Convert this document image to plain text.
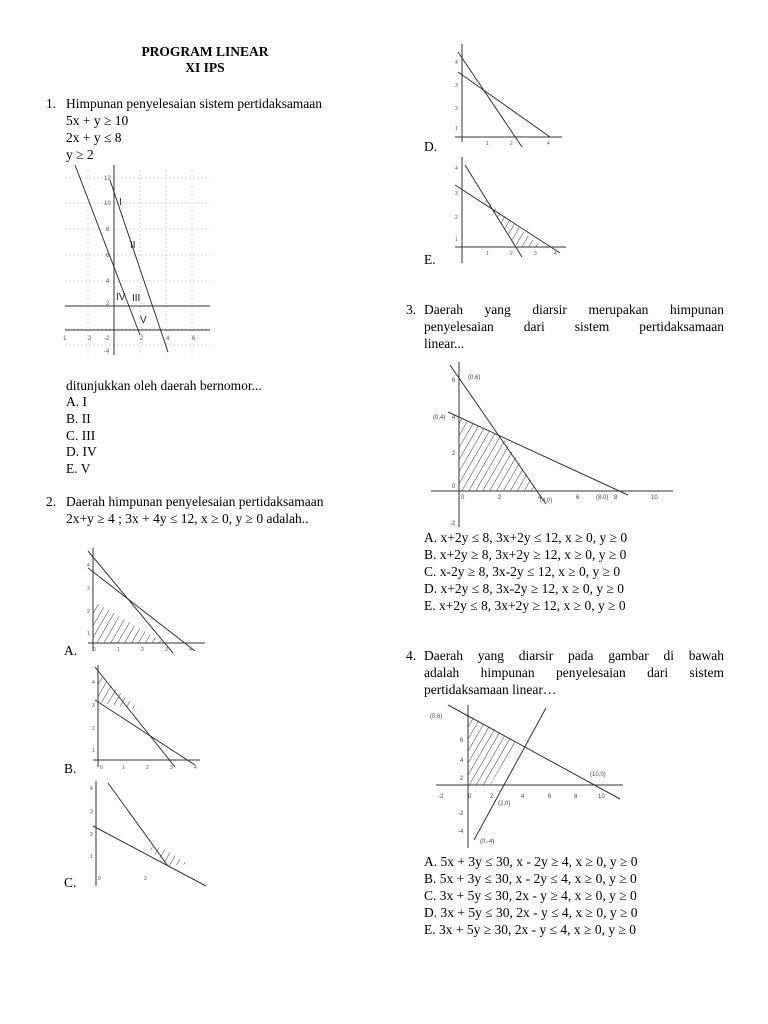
PROGRAM LINEAR
XI IPS
1. Himpunan penyelesaian sistem pertidaksamaan
5x + y ≥ 10
2x + y ≤ 8
y ≥ 2
12
10
8
6
4
2
-2
-4
1	2	2	4	6
I
II
III
IV
V
ditunjukkan oleh daerah bernomor...
A. I
B. II
C. III
D. IV
E. V
2. Daerah himpunan penyelesaian pertidaksamaan
2x+y ≥ 4 ; 3x + 4y ≤ 12, x ≥ 0, y ≥ 0 adalah..
4
3
2
1
0	1	2	3	4
A.
4
3
2
1
0	1	2	3	4
B.
4
3
2
1
0	2
C.
4
3
2
1
1	2	4
D.
4
3
2
1
1	2	3	4
E.
3. Daerah yang diarsir merupakan himpunan
penyelesaian dari sistem pertidaksamaan
linear...
6
4
2
0
-2
0	2	4	6	8	10
(0,6)
(0,4)
(4,0)	(8,0)
A. x+2y ≤ 8, 3x+2y ≤ 12, x ≥ 0, y ≥ 0
B. x+2y ≥ 8, 3x+2y ≥ 12, x ≥ 0, y ≥ 0
C. x-2y ≥ 8, 3x-2y ≤ 12, x ≥ 0, y ≥ 0
D. x+2y ≤ 8, 3x-2y ≥ 12, x ≥ 0, y ≥ 0
E. x+2y ≤ 8, 3x+2y ≥ 12, x ≥ 0, y ≥ 0
4. Daerah yang diarsir pada gambar di bawah
adalah himpunan penyelesaian dari sistem
pertidaksamaan linear…
6
4
2
-2
-4
-2	0	2	4	6	8	10
(0,6)
(10,0)
(2,0)
(0,-4)
A. 5x + 3y ≤ 30, x - 2y ≥ 4, x ≥ 0, y ≥ 0
B. 5x + 3y ≤ 30, x - 2y ≤ 4, x ≥ 0, y ≥ 0
C. 3x + 5y ≤ 30, 2x - y ≥ 4, x ≥ 0, y ≥ 0
D. 3x + 5y ≤ 30, 2x - y ≤ 4, x ≥ 0, y ≥ 0
E. 3x + 5y ≥ 30, 2x - y ≤ 4, x ≥ 0, y ≥ 0
